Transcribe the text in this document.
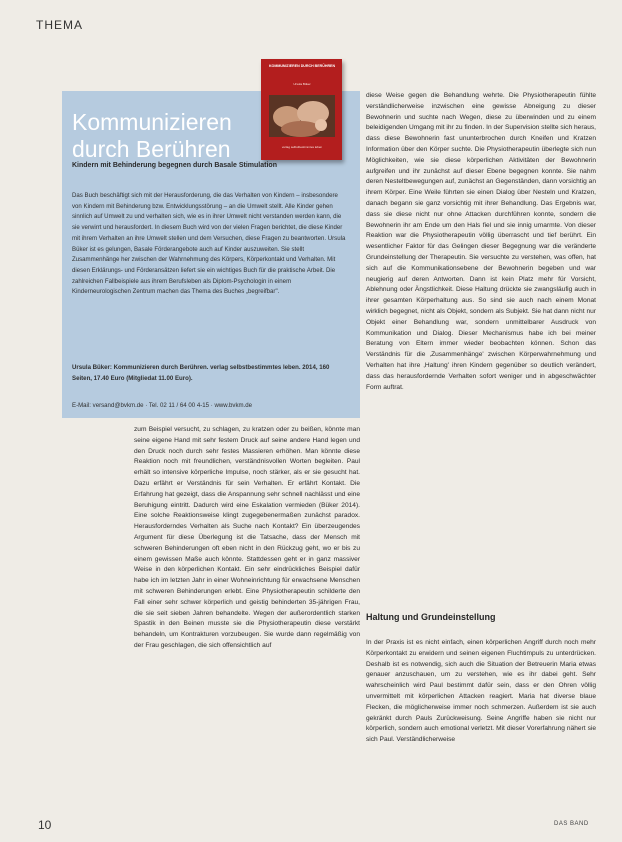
THEMA
Kommunizieren durch Berühren
Kindern mit Behinderung begegnen durch Basale Stimulation

Das Buch beschäftigt sich mit der Herausforderung, die das Verhalten von Kindern – insbesondere von Kindern mit Behinderung bzw. Entwicklungsstörung – an die Umwelt stellt. Alle Kinder gehen sinnlich auf Umwelt zu und verhalten sich, wie es in ihrer Umwelt nicht verstanden werden kann, die sie verwirrt und herausfordert. In diesem Buch wird von der vielen Fragen berichtet, die diese Kinder mit ihrem Verhalten an ihre Umwelt stellen und dem Versuchen, diese Fragen zu beantworten. Ursula Büker ist es gelungen, Basale Förderangebote auch auf Kinder auszuweiten. Sie stellt Zusammenhänge her zwischen der Wahrnehmung des Körpers, Körperkontakt und Verhalten. Mit diesen Erklärungs- und Förderansätzen liefert sie ein wichtiges Buch für die praktische Arbeit. Die zahlreichen Fallbeispiele aus ihrem Berufsleben als Diplom-Psychologin in einem Kinderneurologischen Zentrum machen das Thema des Buches „begreifbar".

Ursula Büker: Kommunizieren durch Berühren. verlag selbstbestimmtes leben. 2014, 160 Seiten, 17.40 Euro (Mitgliedat 11.00 Euro).

E-Mail: versand@bvkm.de · Tel. 02 11 / 64 00 4-15 · www.bvkm.de
KOMMUNIZIEREN DURCH BERÜHREN
Ursula Büker
verlag selbstbestimmtes leben

diese Weise gegen die Behandlung wehrte. Die Physiotherapeutin fühlte verständlicherweise inzwischen eine gewisse Abneigung zu dieser Bewohnerin und suchte nach Wegen, diese zu überwinden und zu einem beleidigenden Umgang mit ihr zu finden. In der Supervision stellte sich heraus, dass diese Bewohnerin fast ununterbrochen durch Kneifen und Kratzen Information über den Körper suchte. Die Physiotherapeutin überlegte sich nun Möglichkeiten, wie sie diese körperlichen Aktivitäten der Bewohnerin aufgreifen und ihr zunächst auf dieser Ebene begegnen konnte. Sie nahm deren Nesteltbewegungen auf, zunächst an Gegenständen, dann vorsichtig an ihrem Körper. Eine Weile führten sie einen Dialog über Nesteln und Kratzen, danach begann sie ganz vorsichtig mit ihrer Behandlung. Das Ergebnis war, dass sie diese nicht nur ohne Attacken durchführen konnte, sondern die Bewohnerin ihr am Ende um den Hals fiel und sie innig umarmte. Von dieser Reaktion war die Physiotherapeutin völlig überrascht und tief berührt. Ein wesentlicher Faktor für das Gelingen dieser Begegnung war die veränderte Grundeinstellung der Therapeutin. Sie versuchte zu verstehen, was offen, hat sich auf die Kommunikationsebene der Bewohnerin begeben und war neugierig auf deren Antworten. Dann ist kein Platz mehr für Vorsicht, Ablehnung oder Ängstlichkeit. Diese Haltung drückte sie zwangsläufig auch in ihrer gesamten Körperhaltung aus. So sind sie auch nach einem Monat wirklich begegnet, nicht als Objekt, sondern als Subjekt. Sie hat dann nicht nur Objekt einer Behandlung war, sondern unmittelbarer Ausdruck von Kommunikation und Dialog. Dieser Mechanismus habe ich bei meiner Beratung von Eltern immer wieder beobachten können. Schon das Verständnis für die ‚Zusammenhänge' zwischen Körperwahrnehmung und Verhalten hat ihre ‚Haltung' ihren Kindern gegenüber so deutlich verändert, dass das herausfordernde Verhalten sofort weniger und in abgeschwächter Form auftrat.

Haltung und Grundeinstellung

In der Praxis ist es nicht einfach, einen körperlichen Angriff durch noch mehr Körperkontakt zu erwidern und seinen eigenen Fluchtimpuls zu unterdrücken. Deshalb ist es notwendig, sich auch die Situation der Betreuerin Maria etwas genauer anzuschauen, um zu verstehen, wie es ihr dabei geht. Sehr wahrscheinlich wird Paul bestimmt dafür sein, dass er den Ohren völlig unvermittelt mit körperlichen Attacken reagiert. Maria hat diverse blaue Flecken, die möglicherweise immer noch schmerzen. Außerdem ist sie auch gekränkt durch Pauls Zurückweisung. Seine Angriffe haben sie nicht nur körperlich, sondern auch emotional verletzt. Mit dieser Vorerfahrung nähert sie sich Paul. Verständlicherweise

zum Beispiel versucht, zu schlagen, zu kratzen oder zu beißen, könnte man seine eigene Hand mit sehr festem Druck auf seine andere Hand legen und den Druck noch durch sehr festes Massieren erhöhen. Man könnte diese Reaktion noch mit freundlichen, verständnisvollen Worten begleiten. Paul erhält so intensive körperliche Impulse, noch stärker, als er sie gesucht hat. Dazu erfährt er Verständnis für sein Verhalten. Er erfährt Kontakt. Die Erfahrung hat gezeigt, dass die Anspannung sehr schnell nachlässt und eine Beruhigung eintritt. Dadurch wird eine Eskalation vermieden (Büker 2014). Eine solche Reaktionsweise klingt zugegebenermaßen zunächst paradox. Herausforderndes Verhalten als Suche nach Kontakt? Ein überzeugendes Argument für diese Überlegung ist die Tatsache, dass der Mensch mit schweren Behinderungen oft eben nicht in den Rückzug geht, wo er bis zu einem gewissen Maße auch könnte. Stattdessen geht er in ganz massiver Weise in den körperlichen Kontakt. Ein sehr eindrückliches Beispiel dafür habe ich im letzten Jahr in einer Wohneinrichtung für erwachsene Menschen mit schweren Behinderungen erlebt. Eine Physiotherapeutin schilderte den Fall einer sehr schwer körperlich und geistig behinderten 35-jährigen Frau, die sie seit sieben Jahren behandelte. Wegen der außerordentlich starken Spastik in den Beinen musste sie die Physiotherapeutin diese verstärkt behandeln, um Kontrakturen vorzubeugen. Sie wurde dann regelmäßig von der Frau geschlagen, die sich offensichtlich auf

10	DAS BAND
